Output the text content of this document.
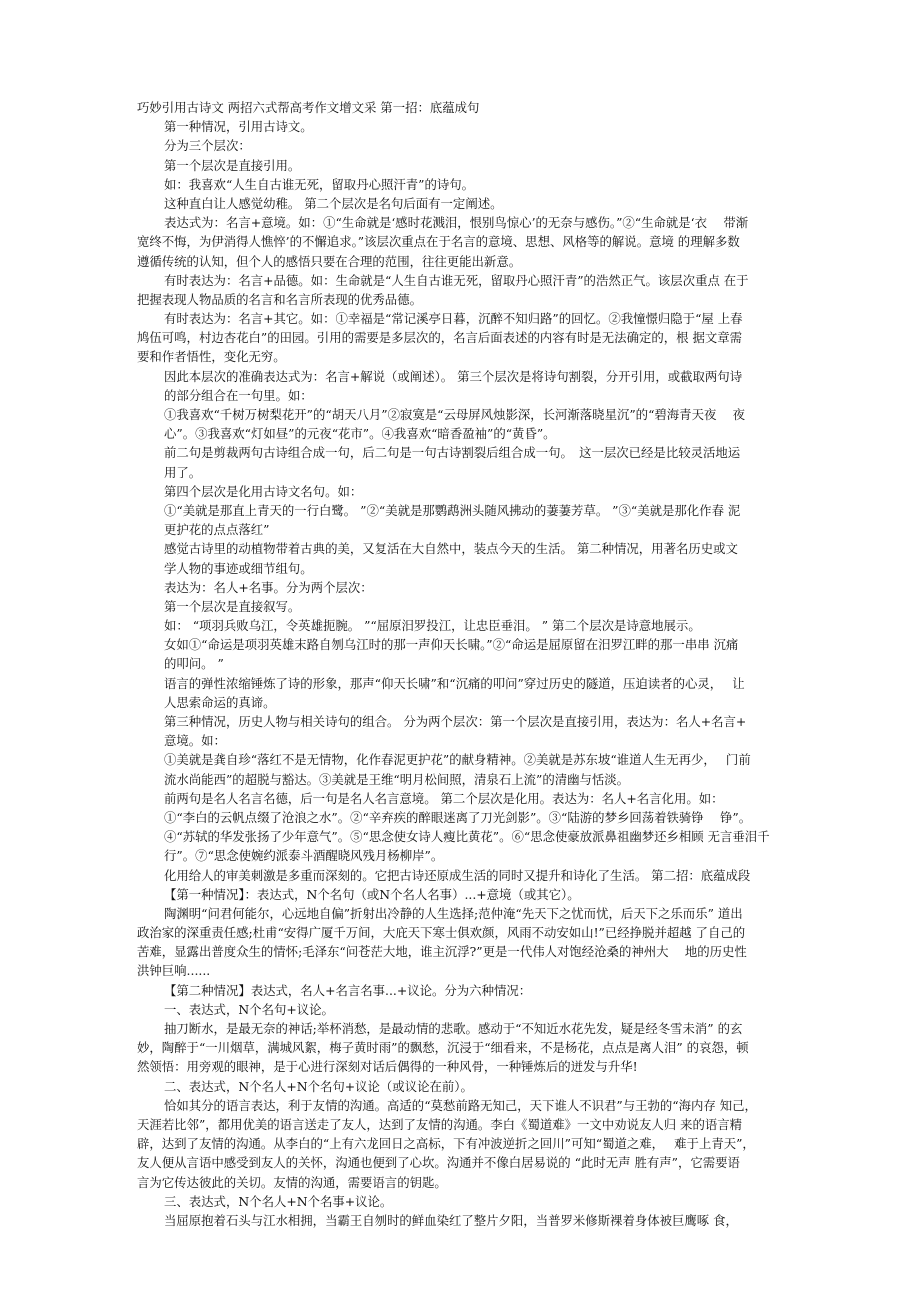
巧妙引用古诗文 两招六式帮高考作文增文采 第一招：底蕴成句
第一种情况，引用古诗文。
分为三个层次：
第一个层次是直接引用。
如：我喜欢“人生自古谁无死，留取丹心照汗青”的诗句。
这种直白让人感觉幼稚。 第二个层次是名句后面有一定阐述。
表达式为：名言+意境。如：①“生命就是‘感时花溅泪，恨别鸟惊心’的无奈与感伤。”②“生命就是‘衣　 带渐
宽终不悔，为伊消得人憔悴’的不懈追求。”该层次重点在于名言的意境、思想、风格等的解说。意境 的理解多数
遵循传统的认知，但个人的感悟只要在合理的范围，往往更能出新意。
有时表达为：名言+品德。如：生命就是“人生自古谁无死，留取丹心照汗青”的浩然正气。该层次重点 在于
把握表现人物品质的名言和名言所表现的优秀品德。
有时表达为：名言+其它。如：①幸福是“常记溪亭日暮，沉醉不知归路”的回忆。②我憧憬归隐于“屋 上春
鸠伍可鸣，村边杏花白”的田园。引用的需要是多层次的，名言后面表述的内容有时是无法确定的，根 据文章需
要和作者悟性，变化无穷。
因此本层次的准确表达式为：名言+解说（或阐述）。 第三个层次是将诗句割裂，分开引用，或截取两句诗
的部分组合在一句里。如：
①我喜欢“千树万树梨花开”的“胡天八月”②寂寞是“云母屏风烛影深，长河渐落晓星沉”的“碧海青天夜　 夜
心”。③我喜欢“灯如昼”的元夜“花市”。④我喜欢“暗香盈袖”的“黄昏”。
前二句是剪裁两句古诗组合成一句，后二句是一句古诗割裂后组合成一句。　这一层次已经是比较灵活地运
用了。
第四个层次是化用古诗文名句。如：
①“美就是那直上青天的一行白鹭。 ”②“美就是那鹦鹉洲头随风拂动的萋萋芳草。 ”③“美就是那化作春 泥
更护花的点点落红”
感觉古诗里的动植物带着古典的美，又复活在大自然中，装点今天的生活。 第二种情况，用著名历史或文
学人物的事迹或细节组句。
表达为：名人+名事。分为两个层次：
第一个层次是直接叙写。
如： “项羽兵败乌江，令英雄扼腕。 ”“屈原汨罗投江，让忠臣垂泪。 ” 第二个层次是诗意地展示。
女如①“命运是项羽英雄末路自刎乌江时的那一声仰天长啸。”②“命运是屈原留在汨罗江畔的那一串串 沉痛
的叩问。 ”
语言的弹性浓缩锤炼了诗的形象，那声“仰天长啸”和“沉痛的叩问”穿过历史的隧道，压迫读者的心灵，　 让
人思索命运的真谛。
第三种情况，历史人物与相关诗句的组合。 分为两个层次：第一个层次是直接引用，表达为：名人+名言+
意境。如：
①美就是龚自珍“落红不是无情物，化作春泥更护花”的献身精神。②美就是苏东坡“谁道人生无再少，　 门前
流水尚能西”的超脱与豁达。③美就是王维“明月松间照，清泉石上流”的清幽与恬淡。
前两句是名人名言名德，后一句是名人名言意境。 第二个层次是化用。表达为：名人+名言化用。如：
①“李白的云帆点缀了沧浪之水”。②“辛弃疾的醉眼迷离了刀光剑影”。③“陆游的梦乡回荡着铁骑铮　 铮”。
④“苏轼的华发张扬了少年意气”。⑤“思念使女诗人瘦比黄花”。⑥“思念使豪放派鼻祖幽梦还乡相顾 无言垂泪千
行”。⑦“思念使婉约派泰斗酒醒晓风残月杨柳岸”。
化用给人的审美刺激是多重而深刻的。它把古诗还原成生活的同时又提升和诗化了生活。 第二招：底蕴成段
【第一种情况】：表达式，N个名句（或N个名人名事）...+意境（或其它）。
陶渊明“问君何能尔，心远地自偏”折射出冷静的人生选择;范仲淹“先天下之忧而忧，后天下之乐而乐” 道出
政治家的深重责任感;杜甫“安得广厦千万间，大庇天下寒士俱欢颜，风雨不动安如山!”已经挣脱并超越 了自己的
苦难，显露出普度众生的情怀;毛泽东“问苍茫大地，谁主沉浮?”更是一代伟人对饱经沧桑的神州大　 地的历史性
洪钟巨响......
【第二种情况】表达式，名人+名言名事...+议论。分为六种情况：
一、表达式，N个名句+议论。
抽刀断水，是最无奈的神话;举杯消愁，是最动情的悲歌。感动于“不知近水花先发，疑是经冬雪未消” 的玄
妙，陶醉于“一川烟草，满城风絮，梅子黄时雨”的飘愁，沉浸于“细看来，不是杨花，点点是离人泪” 的哀怨，顿
然领悟：用旁观的眼神，是于心进行深刻对话后偶得的一种风骨，一种锤炼后的迸发与升华!
二、表达式，N个名人+N个名句+议论（或议论在前）。
恰如其分的语言表达，利于友情的沟通。高适的“莫愁前路无知己，天下谁人不识君”与王勃的“海内存 知己，
天涯若比邻”，都用优美的语言送走了友人，达到了友情的沟通。李白《蜀道难》一文中劝说友人归 来的语言精
辟，达到了友情的沟通。从李白的“上有六龙回日之高标，下有冲波逆折之回川”可知“蜀道之难，　 难于上青天”，
友人便从言语中感受到友人的关怀，沟通也便到了心坎。沟通并不像白居易说的 “此时无声 胜有声”，它需要语
言为它传达彼此的关切。友情的沟通，需要语言的钥匙。
三、表达式，N个名人+N个名事+议论。
当屈原抱着石头与江水相拥，当霸王自刎时的鲜血染红了整片夕阳，当普罗米修斯裸着身体被巨鹰啄 食，
